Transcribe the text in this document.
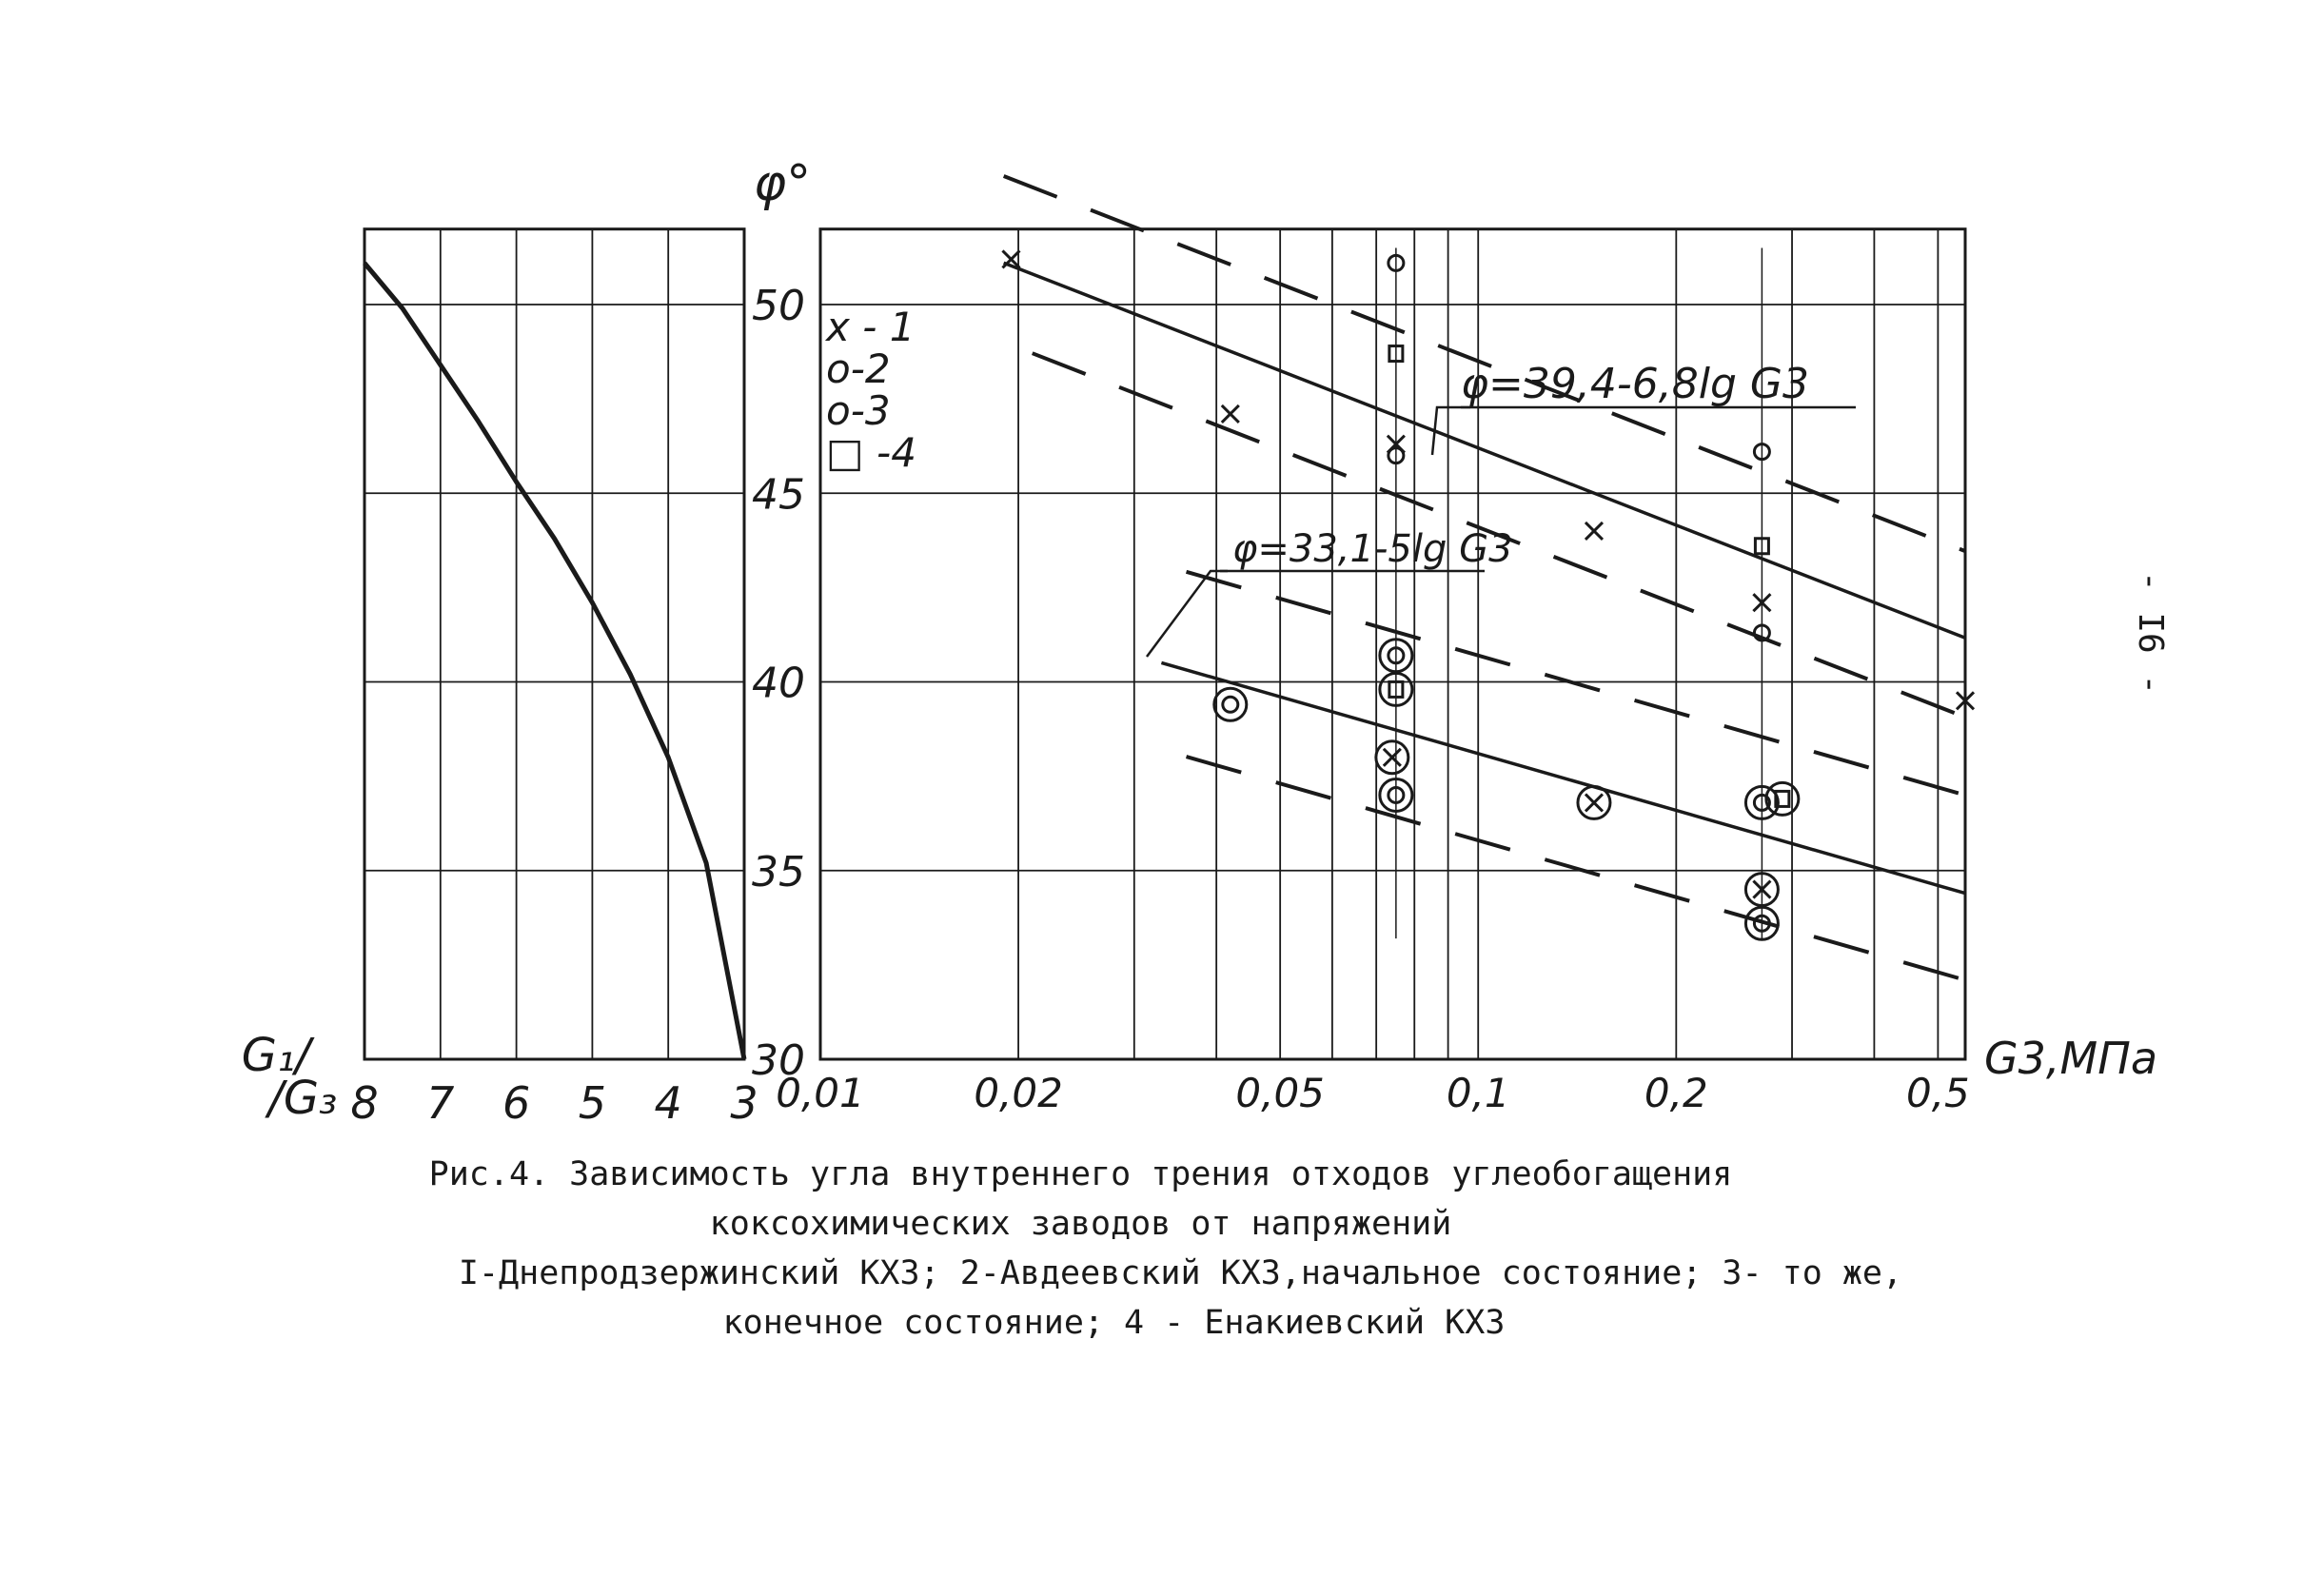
8 7 6 5 4 3
G₁/
/G₃
50
45
40
35
30
0,01	0,02	0,05	0,1	0,2	0,5
φ°
G3,МПа
x - 1
o-2
o-3
□ -4
φ=39,4-6,8lg G3
φ=33,1-5lg G3
- I6 -
Рис.4. Зависимость угла внутреннего трения отходов углеобогащения
коксохимических заводов от напряжений
I-Днепродзержинский КХЗ; 2-Авдеевский КХЗ,начальное состояние; 3- то же,
конечное состояние; 4 - Енакиевский КХЗ
